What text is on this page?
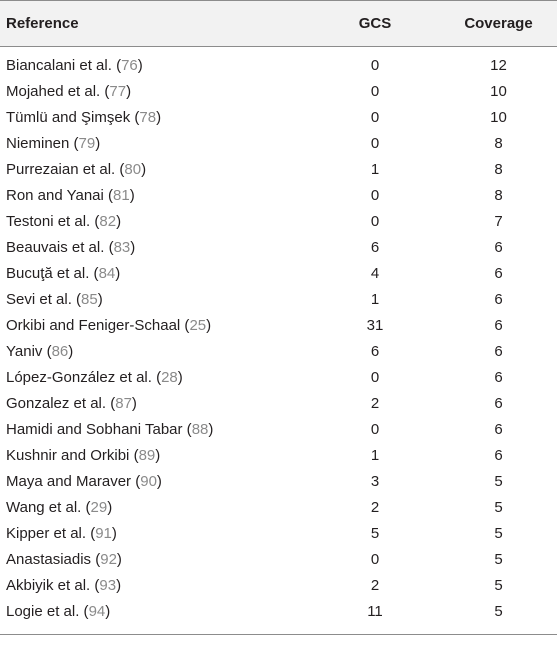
Reference	GCS	Coverage
Biancalani et al. (76)	0	12
Mojahed et al. (77)	0	10
Tümlü and Şimşek (78)	0	10
Nieminen (79)	0	8
Purrezaian et al. (80)	1	8
Ron and Yanai (81)	0	8
Testoni et al. (82)	0	7
Beauvais et al. (83)	6	6
Bucuţă et al. (84)	4	6
Sevi et al. (85)	1	6
Orkibi and Feniger-Schaal (25)	31	6
Yaniv (86)	6	6
López-González et al. (28)	0	6
Gonzalez et al. (87)	2	6
Hamidi and Sobhani Tabar (88)	0	6
Kushnir and Orkibi (89)	1	6
Maya and Maraver (90)	3	5
Wang et al. (29)	2	5
Kipper et al. (91)	5	5
Anastasiadis (92)	0	5
Akbiyik et al. (93)	2	5
Logie et al. (94)	11	5
